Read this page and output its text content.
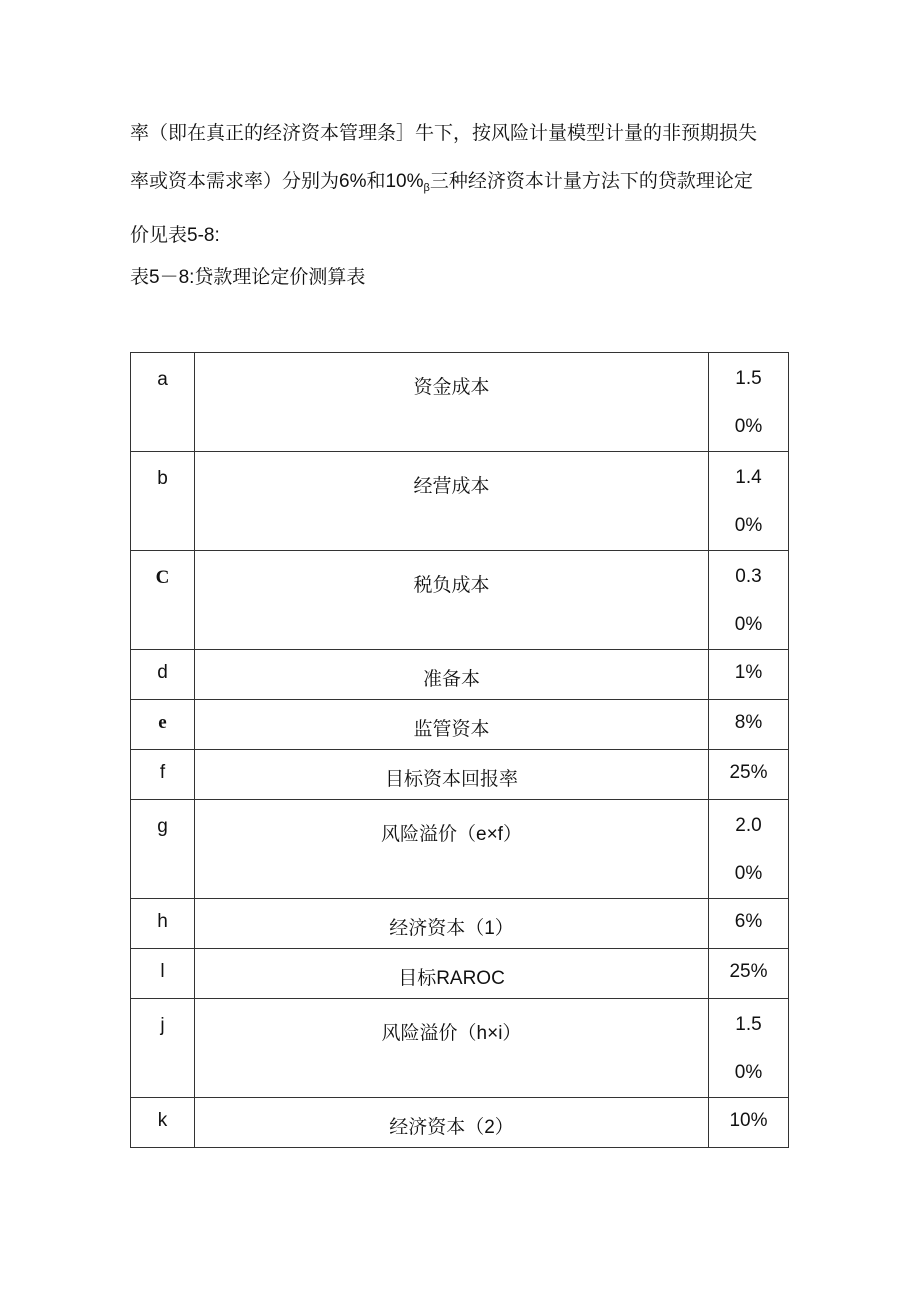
率（即在真正的经济资本管理条］牛下，按风险计量模型计量的非预期损失
率或资本需求率）分别为6%和$10\%_\beta$三种经济资本计量方法下的贷款理论定
价见表5-8:

表5－8:贷款理论定价测算表

a	资金成本	1.5
0%

b	经营成本	1.4
0%

C	税负成本	0.3
0%

d	准备本	1%
e	监管资本	8%
f	目标资本回报率	25%
g	风险溢价（e×f）	2.0
0%

h	经济资本（1）	6%
l	目标RAROC	25%
j	风险溢价（h×i）	1.5
0%

k	经济资本（2）	10%
